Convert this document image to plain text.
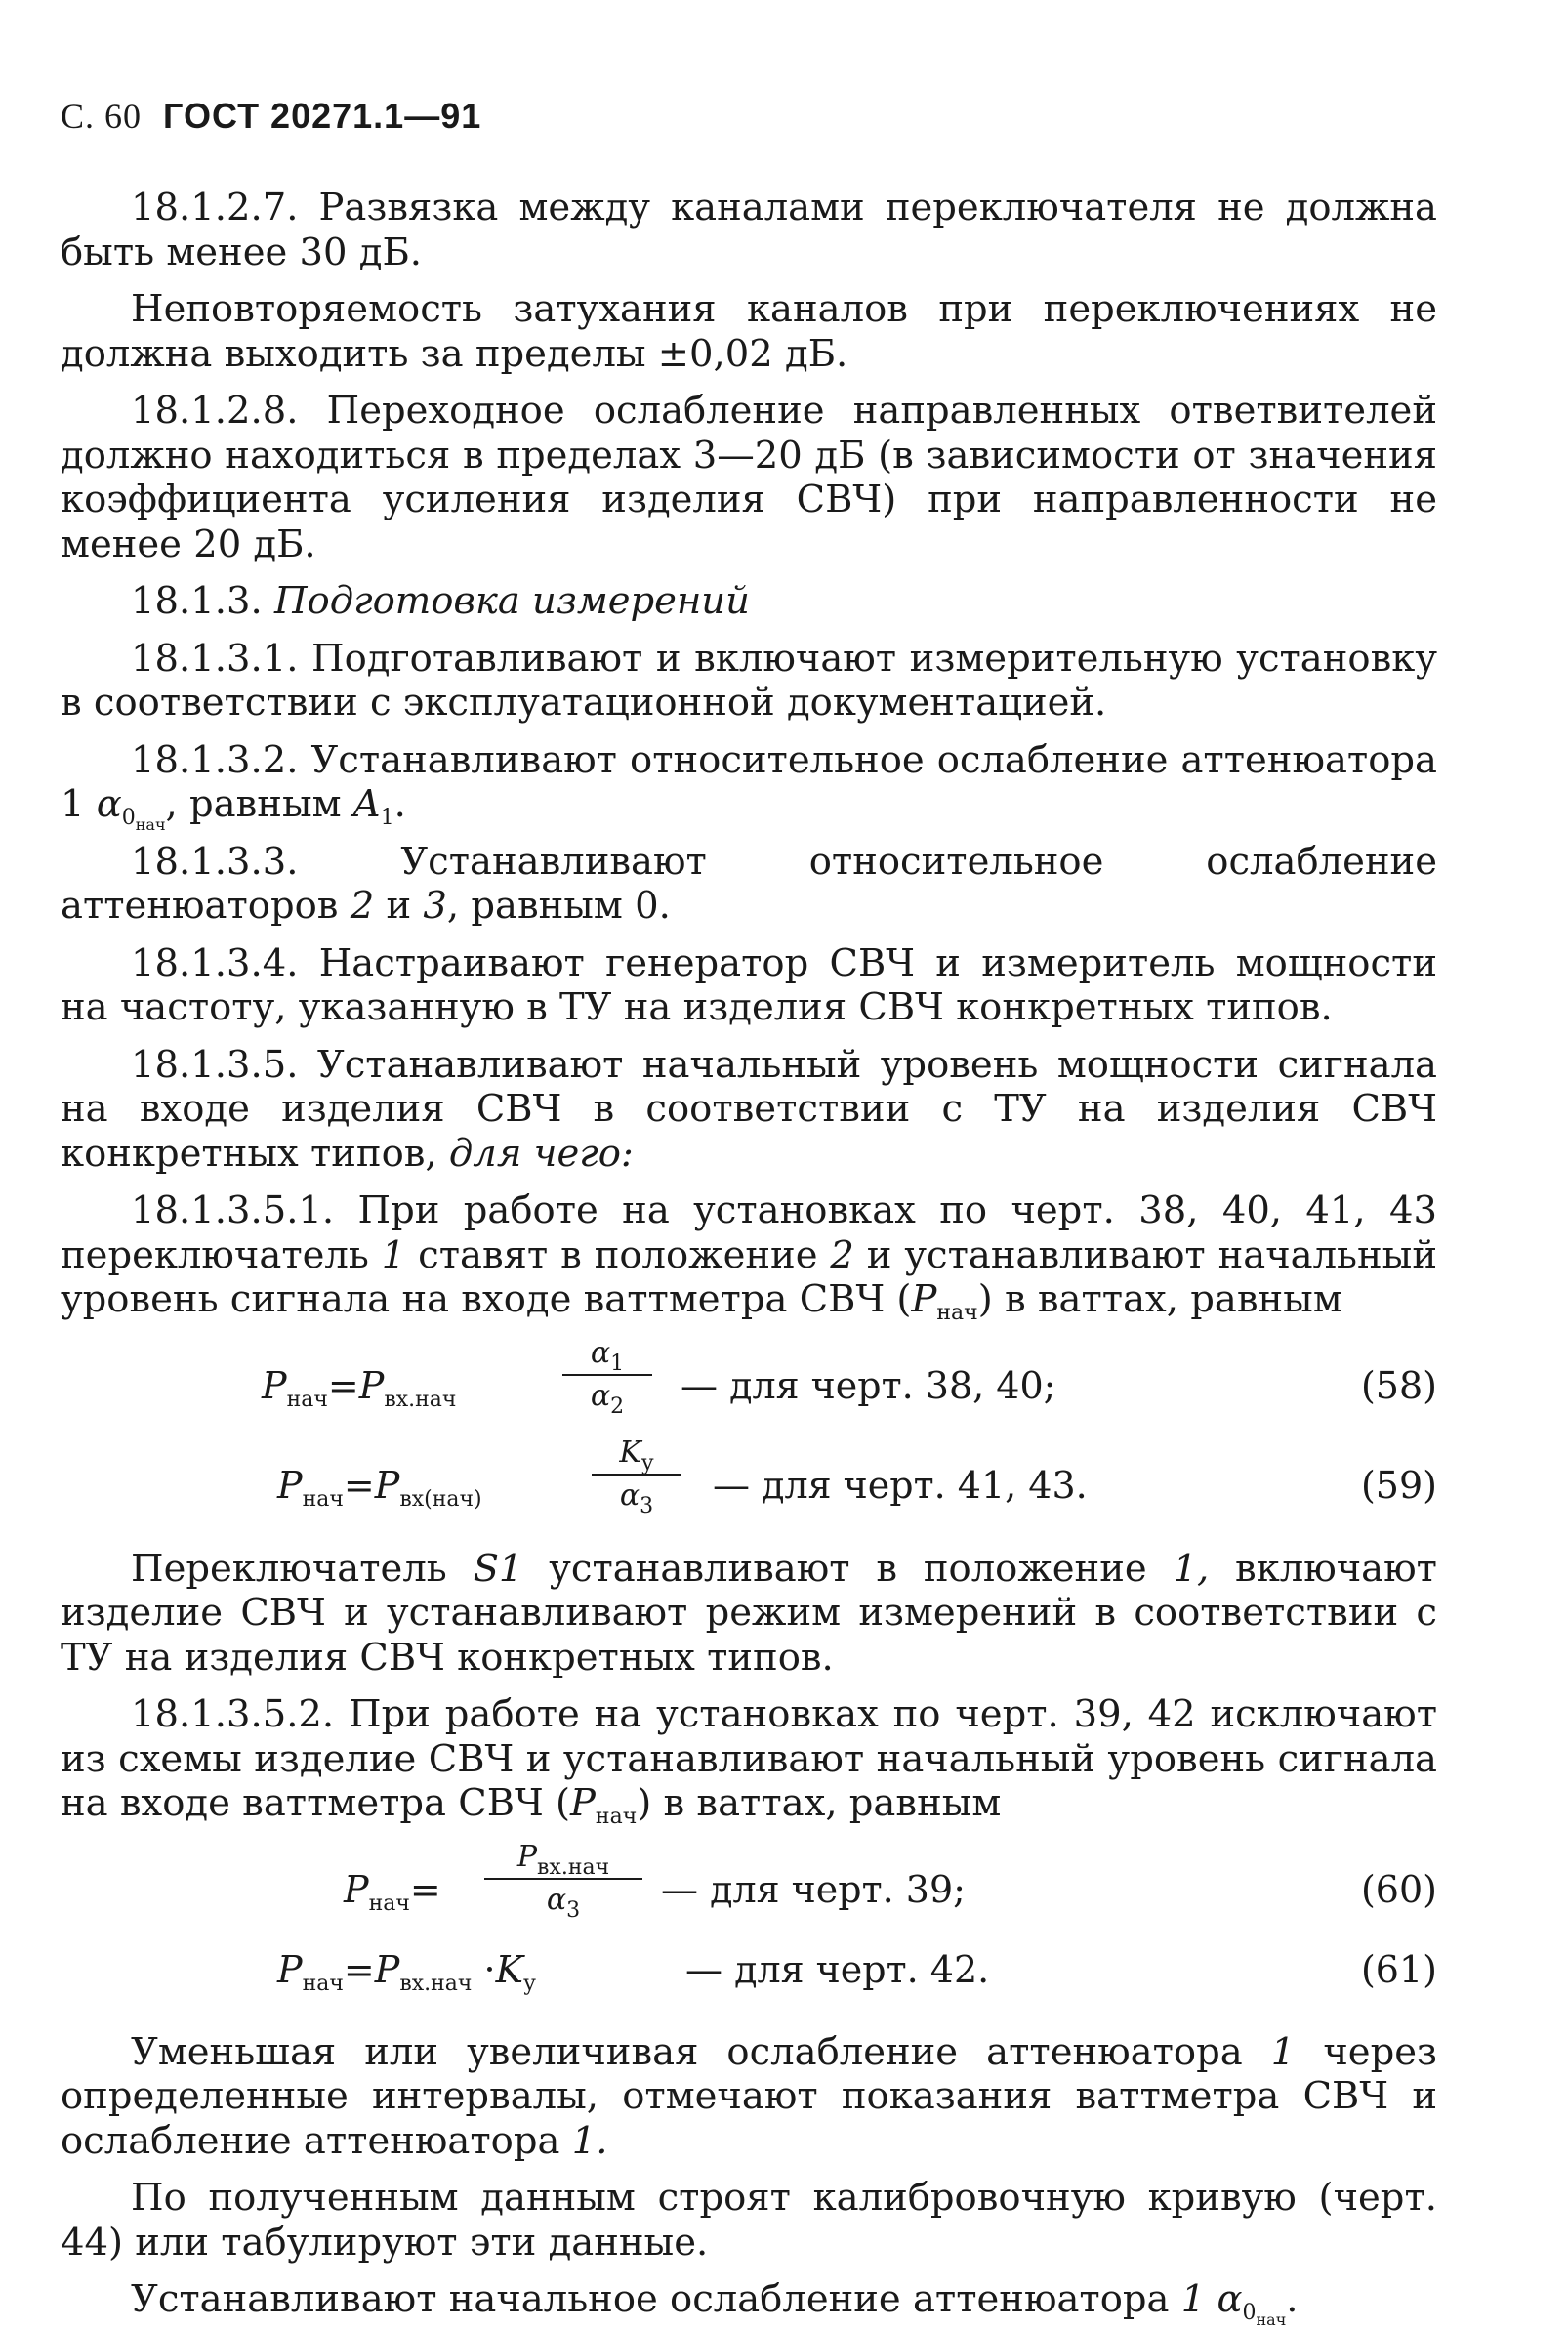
С. 60 ГОСТ 20271.1—91

18.1.2.7. Развязка между каналами переключателя не должна быть менее 30 дБ.

Неповторяемость затухания каналов при переключениях не должна выходить за пределы ±0,02 дБ.

18.1.2.8. Переходное ослабление направленных ответвителей должно находиться в пределах 3—20 дБ (в зависимости от значения коэффициента усиления изделия СВЧ) при направленности не менее 20 дБ.

18.1.3. Подготовка измерений

18.1.3.1. Подготавливают и включают измерительную установку в соответствии с эксплуатационной документацией.

18.1.3.2. Устанавливают относительное ослабление аттенюатора 1 $\alpha_{0_{нач}}$, равным $A_1$.

18.1.3.3. Устанавливают относительное ослабление аттенюаторов 2 и 3, равным 0.

18.1.3.4. Настраивают генератор СВЧ и измеритель мощности на частоту, указанную в ТУ на изделия СВЧ конкретных типов.

18.1.3.5. Устанавливают начальный уровень мощности сигнала на входе изделия СВЧ в соответствии с ТУ на изделия СВЧ конкретных типов, для чего:

18.1.3.5.1. При работе на установках по черт. 38, 40, 41, 43 переключатель 1 ставят в положение 2 и устанавливают начальный уровень сигнала на входе ваттметра СВЧ $(P_{нач})$ в ваттах, равным

$P_{нач}=P_{вх.нач}$
$\alpha_1$
$\alpha_2$	— для черт. 38, 40;	(58)
$P_{нач}=P_{вх(нач)}$
$K_у$
$\alpha_3$	— для черт. 41, 43.	(59)

Переключатель S1 устанавливают в положение 1, включают изделие СВЧ и устанавливают режим измерений в соответствии с ТУ на изделия СВЧ конкретных типов.

18.1.3.5.2. При работе на установках по черт. 39, 42 исключают из схемы изделие СВЧ и устанавливают начальный уровень сигнала на входе ваттметра СВЧ $(P_{нач})$ в ваттах, равным

$P_{нач}=$
$P_{вх.нач}$
$\alpha_3$	— для черт. 39;	(60)
$P_{нач}=P_{вх.нач} \cdot K_у$	— для черт. 42.	(61)

Уменьшая или увеличивая ослабление аттенюатора 1 через определенные интервалы, отмечают показания ваттметра СВЧ и ослабление аттенюатора 1.

По полученным данным строят калибровочную кривую (черт. 44) или табулируют эти данные.

Устанавливают начальное ослабление аттенюатора 1 $\alpha_{0_{нач}}$.
